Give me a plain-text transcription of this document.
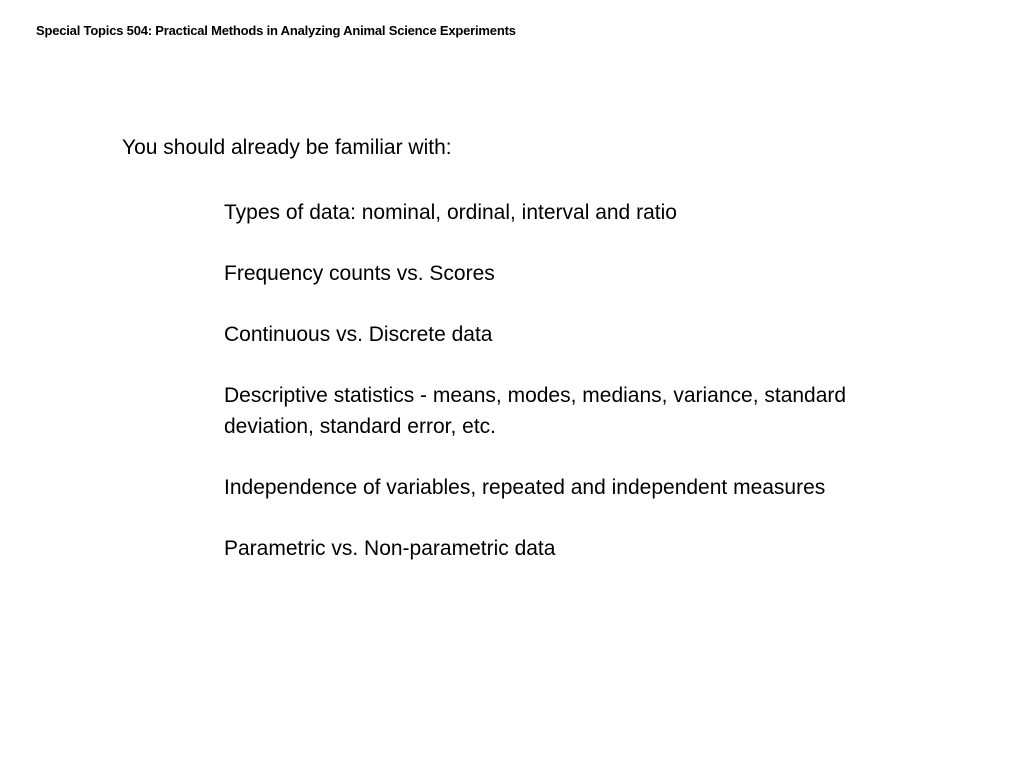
Special Topics 504: Practical Methods in Analyzing Animal Science Experiments
You should already be familiar with:
Types of data: nominal, ordinal, interval and ratio
Frequency counts vs. Scores
Continuous vs. Discrete data
Descriptive statistics - means, modes, medians, variance, standard deviation, standard error, etc.
Independence of variables, repeated and independent measures
Parametric vs. Non-parametric data
